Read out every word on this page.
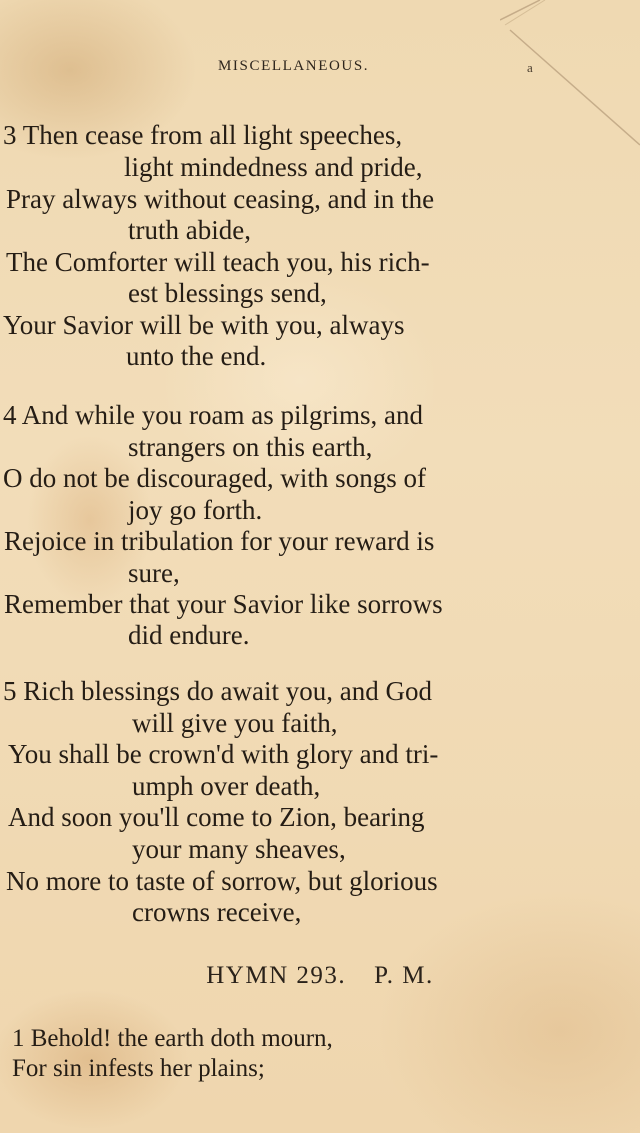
MISCELLANEOUS.	a
3 Then cease from all light speeches,
light mindedness and pride,
Pray always without ceasing, and in the
truth abide,
The Comforter will teach you, his rich-
est blessings send,
Your Savior will be with you, always
unto the end.
4 And while you roam as pilgrims, and
strangers on this earth,
O do not be discouraged, with songs of
joy go forth.
Rejoice in tribulation for your reward is
sure,
Remember that your Savior like sorrows
did endure.
5 Rich blessings do await you, and God
will give you faith,
You shall be crown'd with glory and tri-
umph over death,
And soon you'll come to Zion, bearing
your many sheaves,
No more to taste of sorrow, but glorious
crowns receive,
HYMN 293. P. M.
1 Behold! the earth doth mourn,
For sin infests her plains;
